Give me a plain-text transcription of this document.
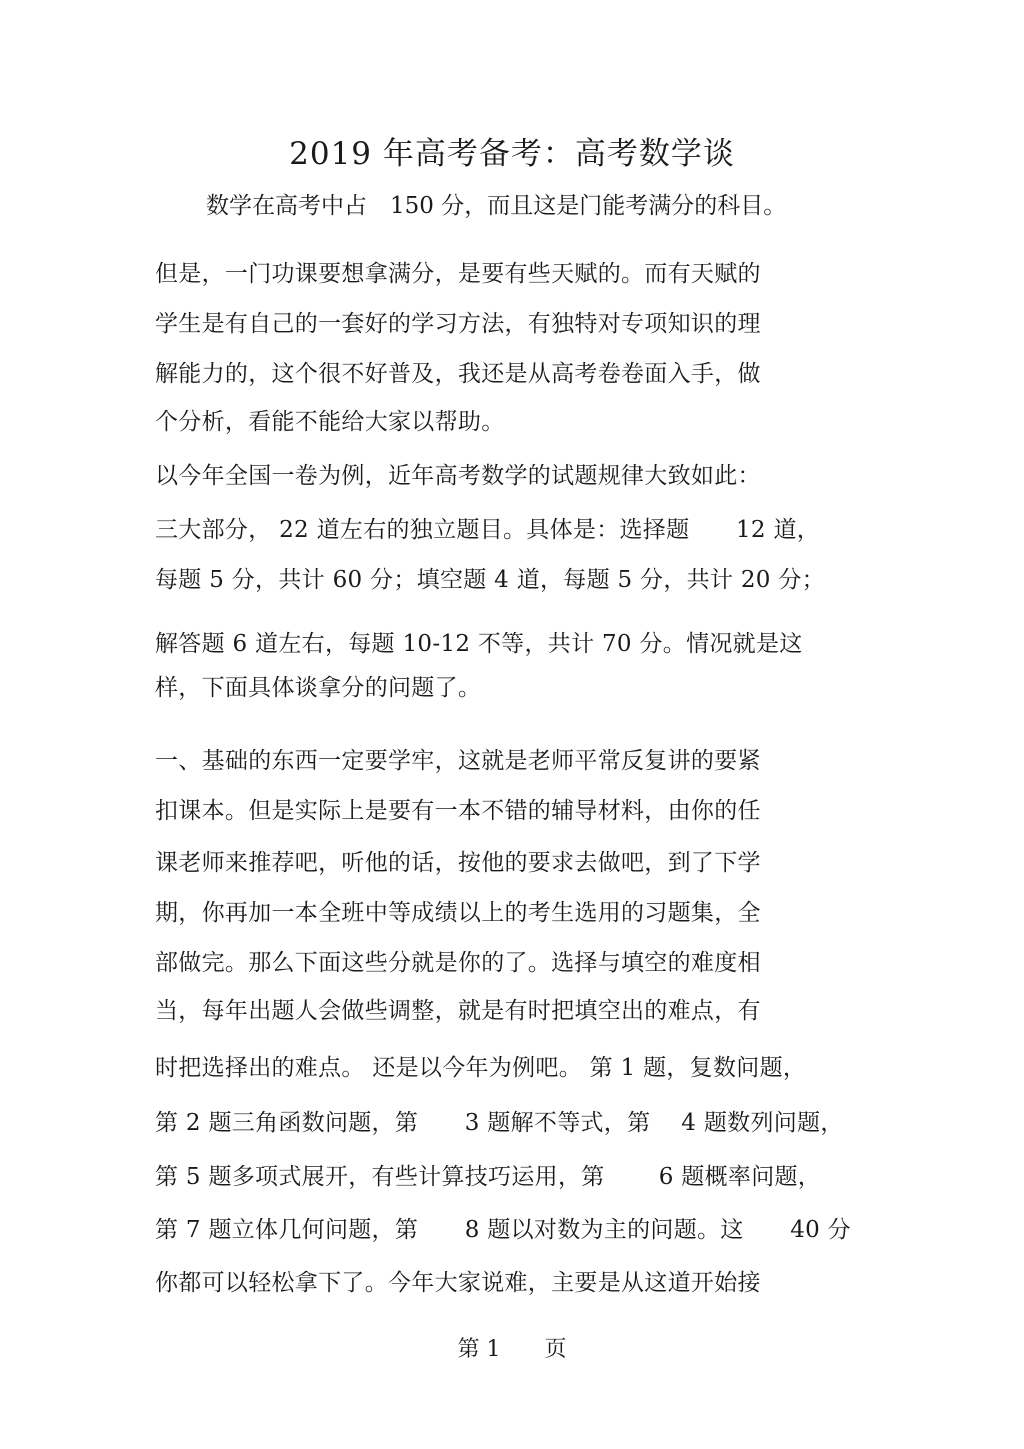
2019 年高考备考：高考数学谈
数学在高考中占　150 分，而且这是门能考满分的科目。
但是，一门功课要想拿满分，是要有些天赋的。而有天赋的
学生是有自己的一套好的学习方法，有独特对专项知识的理
解能力的，这个很不好普及，我还是从高考卷卷面入手，做
个分析，看能不能给大家以帮助。
以今年全国一卷为例，近年高考数学的试题规律大致如此：
三大部分， 22 道左右的独立题目。具体是：选择题　　12 道，
每题 5 分，共计 60 分；填空题 4 道，每题 5 分，共计 20 分；
解答题 6 道左右，每题 10-12 不等，共计 70 分。情况就是这
样，下面具体谈拿分的问题了。
一、基础的东西一定要学牢，这就是老师平常反复讲的要紧
扣课本。但是实际上是要有一本不错的辅导材料，由你的任
课老师来推荐吧，听他的话，按他的要求去做吧，到了下学
期，你再加一本全班中等成绩以上的考生选用的习题集，全
部做完。那么下面这些分就是你的了。选择与填空的难度相
当，每年出题人会做些调整，就是有时把填空出的难点，有
时把选择出的难点。 还是以今年为例吧。 第 1 题，复数问题，
第 2 题三角函数问题，第　　3 题解不等式，第　 4 题数列问题，
第 5 题多项式展开，有些计算技巧运用，第　　 6 题概率问题，
第 7 题立体几何问题，第　　8 题以对数为主的问题。这　　40 分
你都可以轻松拿下了。今年大家说难，主要是从这道开始接
第 1　　页
